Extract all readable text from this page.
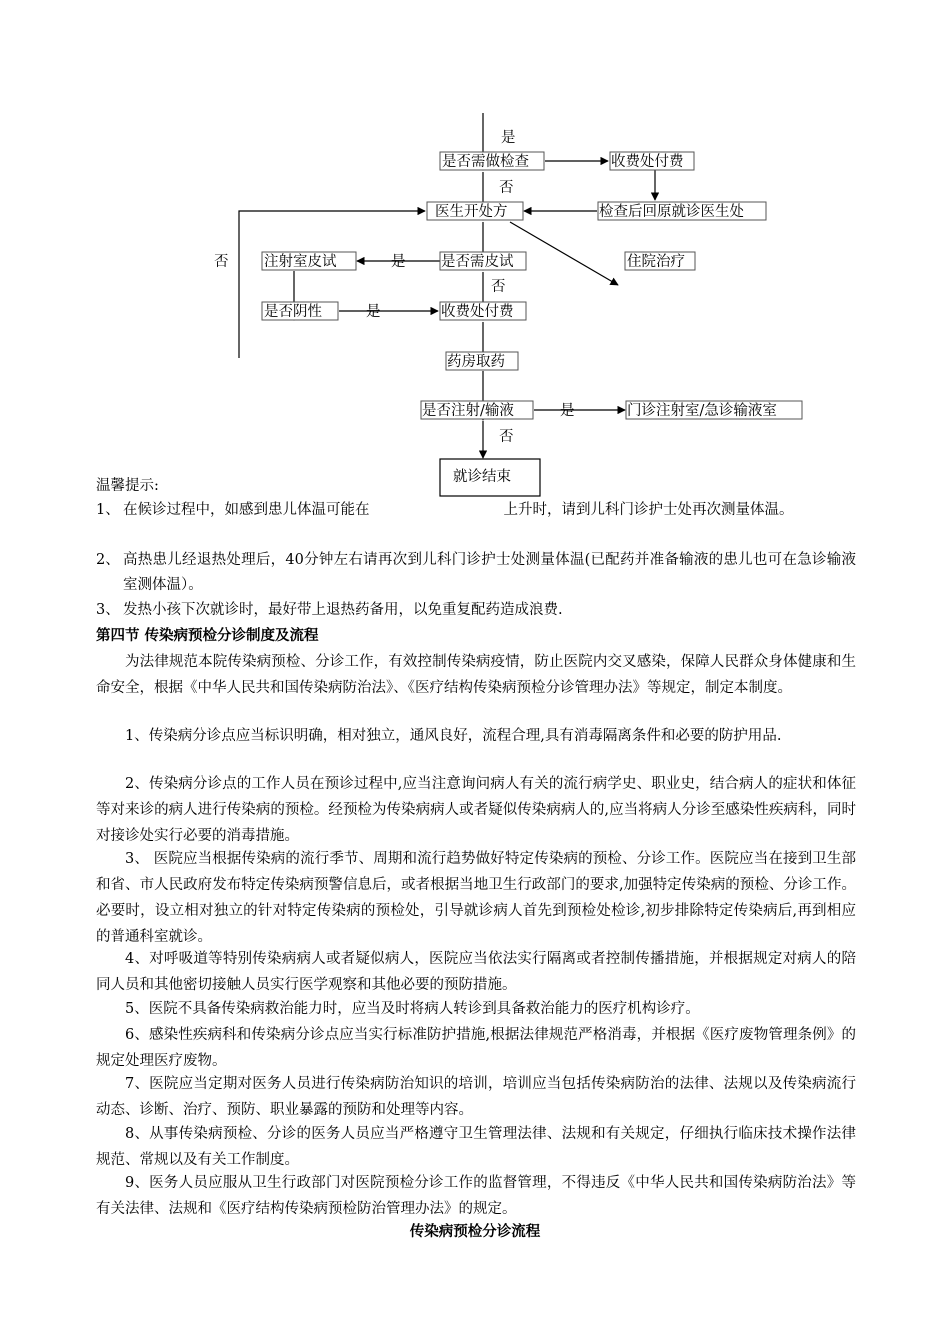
是否需做检查	收费处付费
医生开处方	检查后回原就诊医生处
注射室皮试	是否需皮试	住院治疗
是否阴性	收费处付费
药房取药
是否注射/输液	门诊注射室/急诊输液室
就诊结束
是
否
否	是
否
是
是
否
温馨提示:
1、 在候诊过程中，如感到患儿体温可能在	上升时，请到儿科门诊护士处再次测量体温。
2、 高热患儿经退热处理后，40分钟左右请再次到儿科门诊护士处测量体温(已配药并准备输液的患儿也可在急诊输液室测体温）。
3、 发热小孩下次就诊时，最好带上退热药备用，以免重复配药造成浪费.
第四节 传染病预检分诊制度及流程
为法律规范本院传染病预检、分诊工作，有效控制传染病疫情，防止医院内交叉感染，保障人民群众身体健康和生命安全，根据《中华人民共和国传染病防治法》、《医疗结构传染病预检分诊管理办法》等规定，制定本制度。
1、传染病分诊点应当标识明确，相对独立，通风良好，流程合理,具有消毒隔离条件和必要的防护用品.
2、传染病分诊点的工作人员在预诊过程中,应当注意询问病人有关的流行病学史、职业史，结合病人的症状和体征等对来诊的病人进行传染病的预检。经预检为传染病病人或者疑似传染病病人的,应当将病人分诊至感染性疾病科，同时对接诊处实行必要的消毒措施。
3、 医院应当根据传染病的流行季节、周期和流行趋势做好特定传染病的预检、分诊工作。医院应当在接到卫生部和省、市人民政府发布特定传染病预警信息后，或者根据当地卫生行政部门的要求,加强特定传染病的预检、分诊工作。必要时，设立相对独立的针对特定传染病的预检处，引导就诊病人首先到预检处检诊,初步排除特定传染病后,再到相应的普通科室就诊。
4、对呼吸道等特别传染病病人或者疑似病人，医院应当依法实行隔离或者控制传播措施，并根据规定对病人的陪同人员和其他密切接触人员实行医学观察和其他必要的预防措施。
5、医院不具备传染病救治能力时，应当及时将病人转诊到具备救治能力的医疗机构诊疗。
6、感染性疾病科和传染病分诊点应当实行标准防护措施,根据法律规范严格消毒，并根据《医疗废物管理条例》的规定处理医疗废物。
7、医院应当定期对医务人员进行传染病防治知识的培训，培训应当包括传染病防治的法律、法规以及传染病流行动态、诊断、治疗、预防、职业暴露的预防和处理等内容。
8、从事传染病预检、分诊的医务人员应当严格遵守卫生管理法律、法规和有关规定，仔细执行临床技术操作法律规范、常规以及有关工作制度。
9、医务人员应服从卫生行政部门对医院预检分诊工作的监督管理，不得违反《中华人民共和国传染病防治法》等有关法律、法规和《医疗结构传染病预检防治管理办法》的规定。
传染病预检分诊流程
